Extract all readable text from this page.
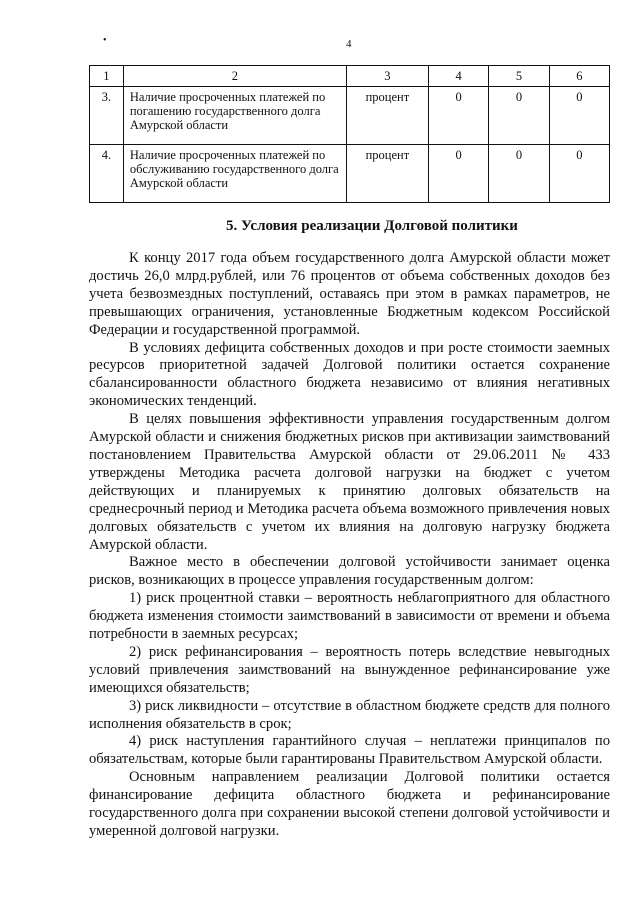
•	4
1	2	3	4	5	6
3.	Наличие просроченных платежей по погашению государственного долга Амурской области	процент	0	0	0
4.	Наличие просроченных платежей по обслуживанию государственного долга Амурской области	процент	0	0	0
5. Условия реализации Долговой политики

К концу 2017 года объем государственного долга Амурской области может достичь 26,0 млрд.рублей, или 76 процентов от объема собственных доходов без учета безвозмездных поступлений, оставаясь при этом в рамках параметров, не превышающих ограничения, установленные Бюджетным кодексом Российской Федерации и государственной программой.

В условиях дефицита собственных доходов и при росте стоимости заемных ресурсов приоритетной задачей Долговой политики остается сохранение сбалансированности областного бюджета независимо от влияния негативных экономических тенденций.

В целях повышения эффективности управления государственным долгом Амурской области и снижения бюджетных рисков при активизации заимствований постановлением Правительства Амурской области от 29.06.2011 № 433 утверждены Методика расчета долговой нагрузки на бюджет с учетом действующих и планируемых к принятию долговых обязательств на среднесрочный период и Методика расчета объема возможного привлечения новых долговых обязательств с учетом их влияния на долговую нагрузку бюджета Амурской области.

Важное место в обеспечении долговой устойчивости занимает оценка рисков, возникающих в процессе управления государственным долгом:

1) риск процентной ставки – вероятность неблагоприятного для областного бюджета изменения стоимости заимствований в зависимости от времени и объема потребности в заемных ресурсах;

2) риск рефинансирования – вероятность потерь вследствие невыгодных условий привлечения заимствований на вынужденное рефинансирование уже имеющихся обязательств;

3) риск ликвидности – отсутствие в областном бюджете средств для полного исполнения обязательств в срок;

4) риск наступления гарантийного случая – неплатежи принципалов по обязательствам, которые были гарантированы Правительством Амурской области.

Основным направлением реализации Долговой политики остается финансирование дефицита областного бюджета и рефинансирование государственного долга при сохранении высокой степени долговой устойчивости и умеренной долговой нагрузки.
